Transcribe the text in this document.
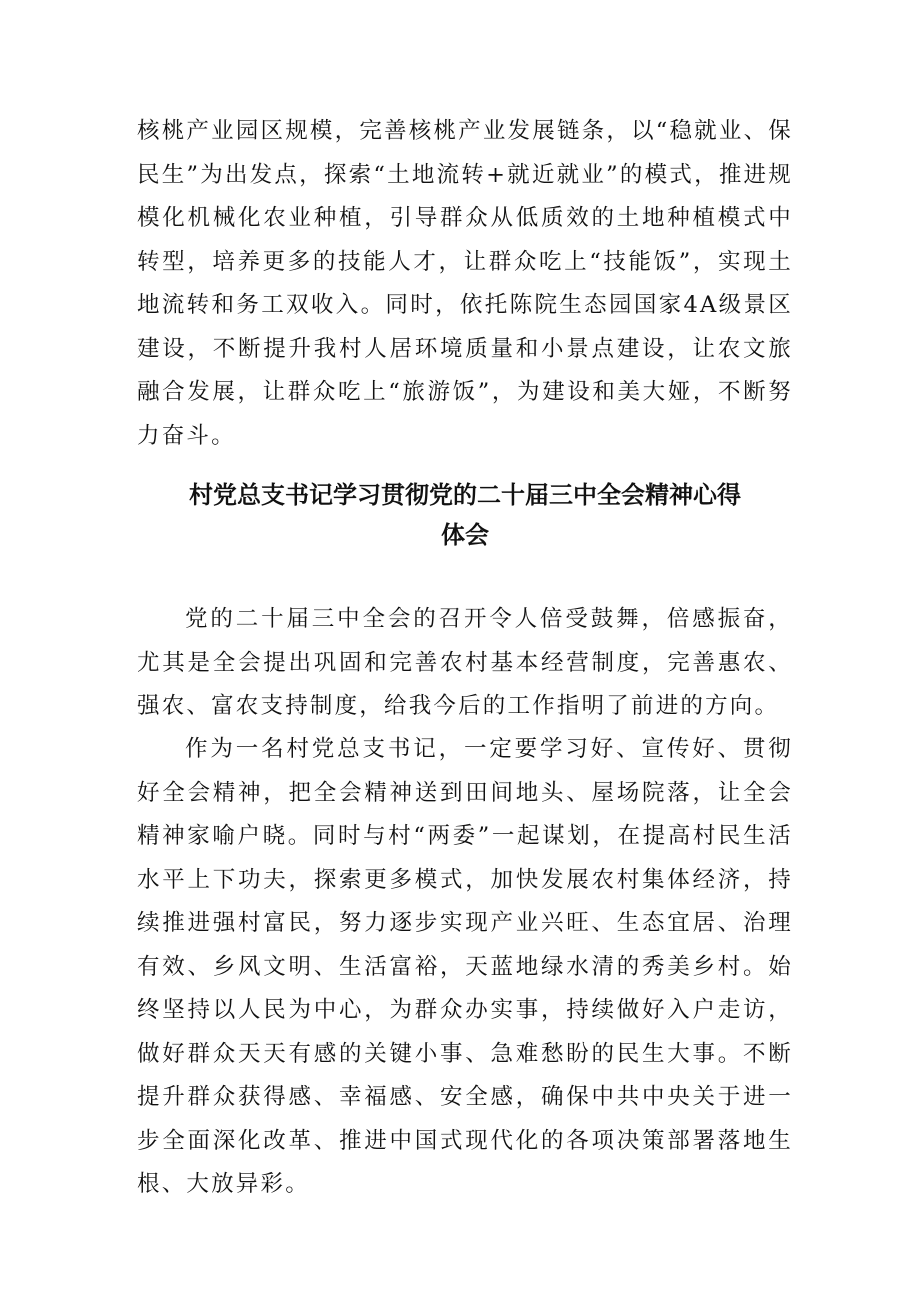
核桃产业园区规模，完善核桃产业发展链条，以“稳就业、保民生”为出发点，探索“土地流转+就近就业”的模式，推进规模化机械化农业种植，引导群众从低质效的土地种植模式中转型，培养更多的技能人才，让群众吃上“技能饭”，实现土地流转和务工双收入。同时，依托陈院生态园国家4A级景区建设，不断提升我村人居环境质量和小景点建设，让农文旅融合发展，让群众吃上“旅游饭”，为建设和美大娅，不断努力奋斗。

村党总支书记学习贯彻党的二十届三中全会精神心得
体会

党的二十届三中全会的召开令人倍受鼓舞，倍感振奋，尤其是全会提出巩固和完善农村基本经营制度，完善惠农、强农、富农支持制度，给我今后的工作指明了前进的方向。

作为一名村党总支书记，一定要学习好、宣传好、贯彻好全会精神，把全会精神送到田间地头、屋场院落，让全会精神家喻户晓。同时与村“两委”一起谋划，在提高村民生活水平上下功夫，探索更多模式，加快发展农村集体经济，持续推进强村富民，努力逐步实现产业兴旺、生态宜居、治理有效、乡风文明、生活富裕，天蓝地绿水清的秀美乡村。始终坚持以人民为中心，为群众办实事，持续做好入户走访，做好群众天天有感的关键小事、急难愁盼的民生大事。不断提升群众获得感、幸福感、安全感，确保中共中央关于进一步全面深化改革、推进中国式现代化的各项决策部署落地生根、大放异彩。
